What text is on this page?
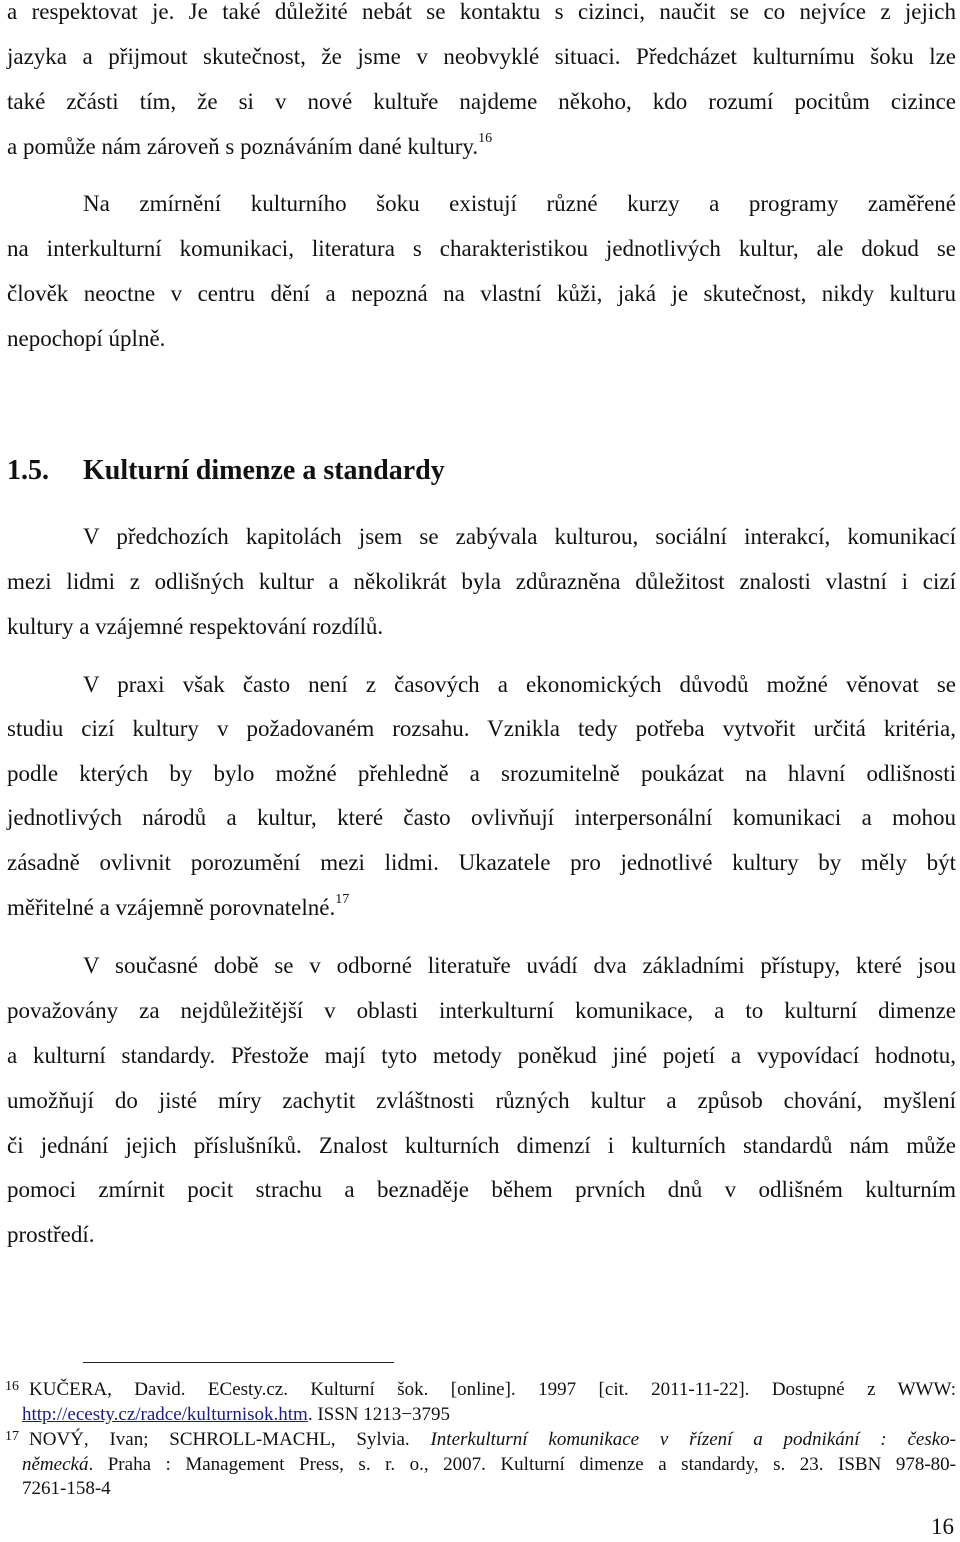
a respektovat je. Je také důležité nebát se kontaktu s cizinci, naučit se co nejvíce z jejich
jazyka a přijmout skutečnost, že jsme v neobvyklé situaci. Předcházet kulturnímu šoku lze
také zčásti tím, že si v nové kultuře najdeme někoho, kdo rozumí pocitům cizince
a pomůže nám zároveň s poznáváním dané kultury.$^{16}$
Na zmírnění kulturního šoku existují různé kurzy a programy zaměřené
na interkulturní komunikaci, literatura s charakteristikou jednotlivých kultur, ale dokud se
člověk neoctne v centru dění a nepozná na vlastní kůži, jaká je skutečnost, nikdy kulturu
nepochopí úplně.
1.5. Kulturní dimenze a standardy
V předchozích kapitolách jsem se zabývala kulturou, sociální interakcí, komunikací
mezi lidmi z odlišných kultur a několikrát byla zdůrazněna důležitost znalosti vlastní i cizí
kultury a vzájemné respektování rozdílů.
V praxi však často není z časových a ekonomických důvodů možné věnovat se
studiu cizí kultury v požadovaném rozsahu. Vznikla tedy potřeba vytvořit určitá kritéria,
podle kterých by bylo možné přehledně a srozumitelně poukázat na hlavní odlišnosti
jednotlivých národů a kultur, které často ovlivňují interpersonální komunikaci a mohou
zásadně ovlivnit porozumění mezi lidmi. Ukazatele pro jednotlivé kultury by měly být
měřitelné a vzájemně porovnatelné.$^{17}$
V současné době se v odborné literatuře uvádí dva základními přístupy, které jsou
považovány za nejdůležitější v oblasti interkulturní komunikace, a to kulturní dimenze
a kulturní standardy. Přestože mají tyto metody poněkud jiné pojetí a vypovídací hodnotu,
umožňují do jisté míry zachytit zvláštnosti různých kultur a způsob chování, myšlení
či jednání jejich příslušníků. Znalost kulturních dimenzí i kulturních standardů nám může
pomoci zmírnit pocit strachu a beznaděje během prvních dnů v odlišném kulturním
prostředí.
16 KUČERA, David. ECesty.cz. Kulturní šok. [online]. 1997 [cit. 2011-11-22]. Dostupné z WWW:
http://ecesty.cz/radce/kulturnisok.htm. ISSN 1213−3795
17 NOVÝ, Ivan; SCHROLL-MACHL, Sylvia. Interkulturní komunikace v řízení a podnikání : česko-
německá. Praha : Management Press, s. r. o., 2007. Kulturní dimenze a standardy, s. 23. ISBN 978-80-
7261-158-4
16
